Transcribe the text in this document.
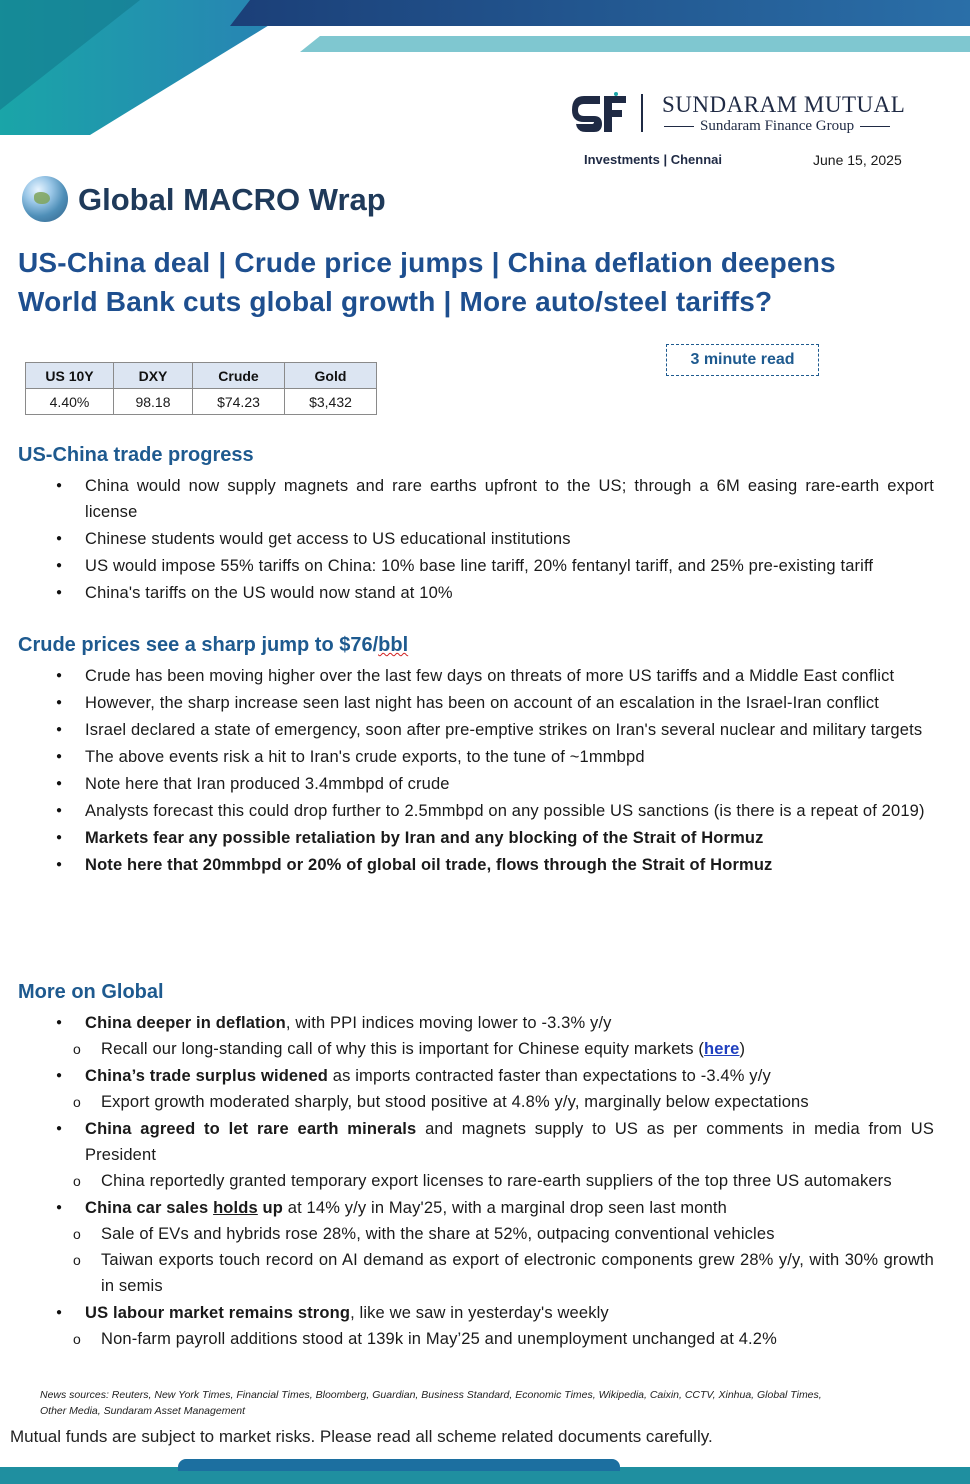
SUNDARAM MUTUAL
Sundaram Finance Group
Investments | Chennai	June 15, 2025
Global MACRO Wrap
US-China deal | Crude price jumps | China deflation deepens
World Bank cuts global growth | More auto/steel tariffs?
US 10Y	DXY	Crude	Gold
4.40%	98.18	$74.23	$3,432
3 minute read
US-China trade progress
● China would now supply magnets and rare earths upfront to the US; through a 6M easing rare-earth export license
● Chinese students would get access to US educational institutions
● US would impose 55% tariffs on China: 10% base line tariff, 20% fentanyl tariff, and 25% pre-existing tariff
● China's tariffs on the US would now stand at 10%
Crude prices see a sharp jump to $76/bbl
● Crude has been moving higher over the last few days on threats of more US tariffs and a Middle East conflict
● However, the sharp increase seen last night has been on account of an escalation in the Israel-Iran conflict
● Israel declared a state of emergency, soon after pre-emptive strikes on Iran's several nuclear and military targets
● The above events risk a hit to Iran's crude exports, to the tune of ~1mmbpd
● Note here that Iran produced 3.4mmbpd of crude
● Analysts forecast this could drop further to 2.5mmbpd on any possible US sanctions (is there is a repeat of 2019)
● Markets fear any possible retaliation by Iran and any blocking of the Strait of Hormuz
● Note here that 20mmbpd or 20% of global oil trade, flows through the Strait of Hormuz
More on Global
● China deeper in deflation, with PPI indices moving lower to -3.3% y/y
o Recall our long-standing call of why this is important for Chinese equity markets (here)
● China’s trade surplus widened as imports contracted faster than expectations to -3.4% y/y
o Export growth moderated sharply, but stood positive at 4.8% y/y, marginally below expectations
● China agreed to let rare earth minerals and magnets supply to US as per comments in media from US President
o China reportedly granted temporary export licenses to rare-earth suppliers of the top three US automakers
● China car sales holds up at 14% y/y in May'25, with a marginal drop seen last month
o Sale of EVs and hybrids rose 28%, with the share at 52%, outpacing conventional vehicles
o Taiwan exports touch record on AI demand as export of electronic components grew 28% y/y, with 30% growth in semis
● US labour market remains strong, like we saw in yesterday's weekly
o Non-farm payroll additions stood at 139k in May’25 and unemployment unchanged at 4.2%
News sources: Reuters, New York Times, Financial Times, Bloomberg, Guardian, Business Standard, Economic Times, Wikipedia, Caixin, CCTV, Xinhua, Global Times, Other Media, Sundaram Asset Management
Mutual funds are subject to market risks. Please read all scheme related documents carefully.
